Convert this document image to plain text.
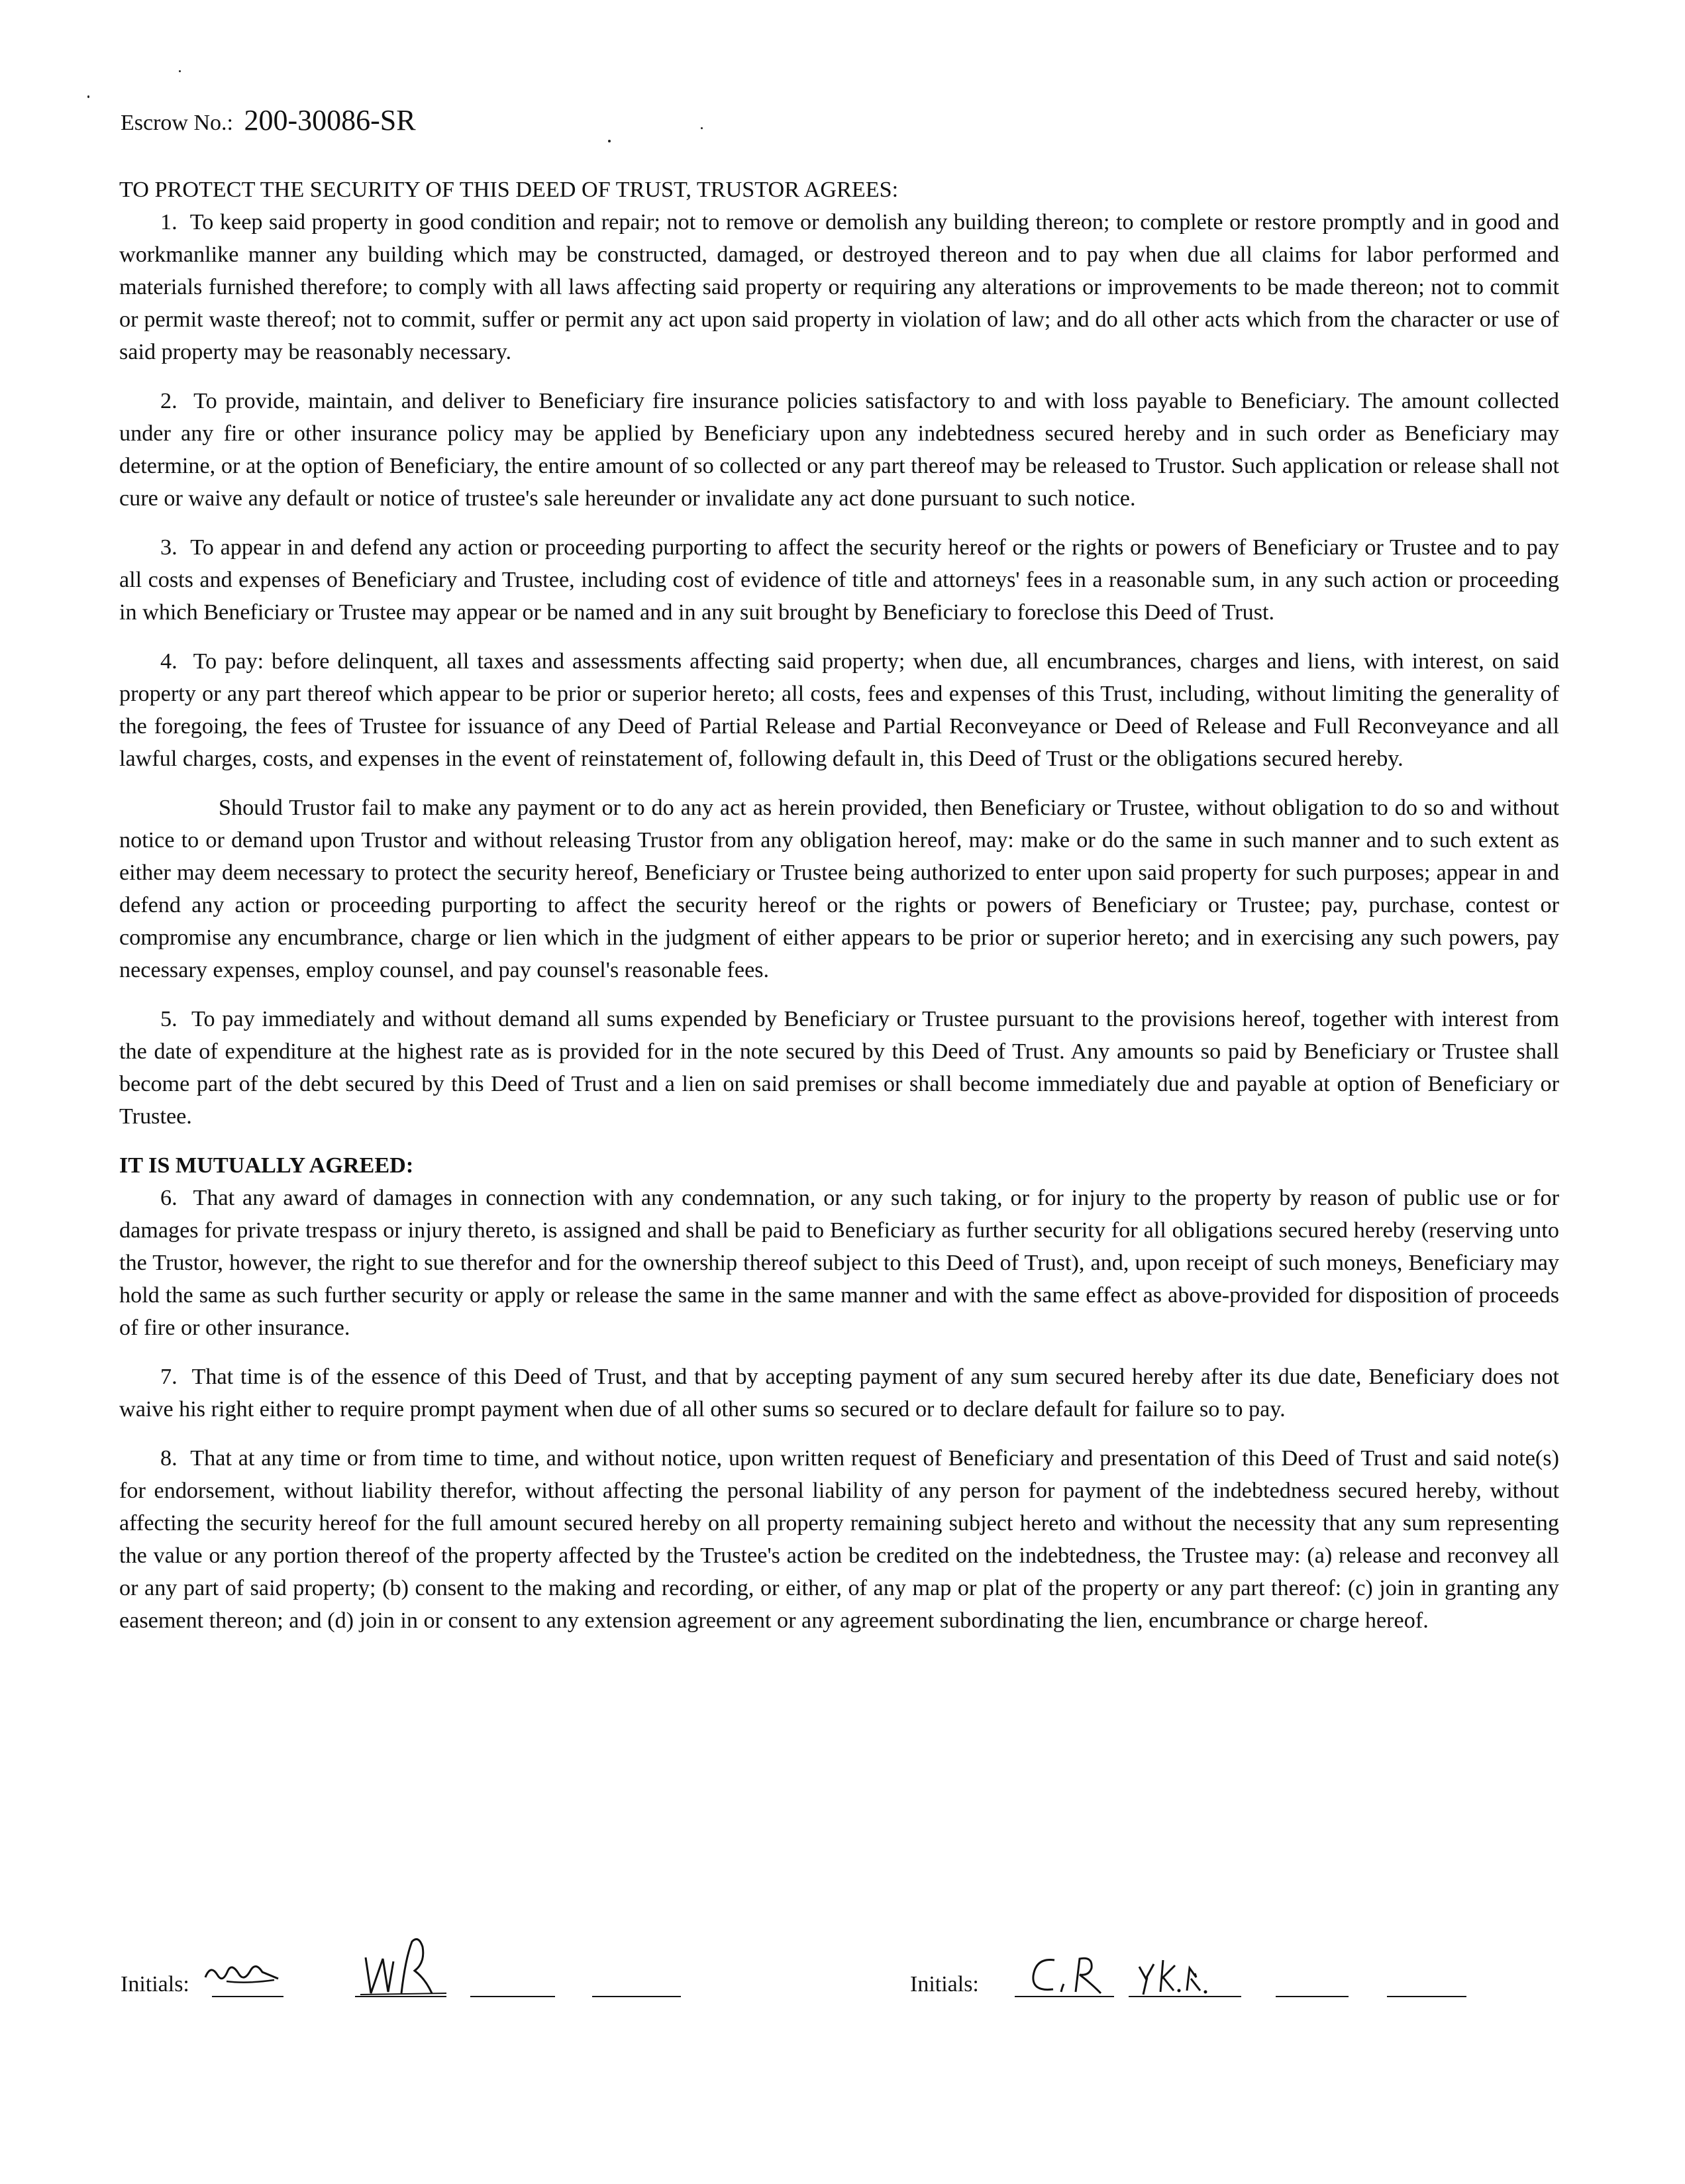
Escrow No.: 200-30086-SR

TO PROTECT THE SECURITY OF THIS DEED OF TRUST, TRUSTOR AGREES:

1.  To keep said property in good condition and repair; not to remove or demolish any building thereon; to complete or restore promptly and in good and workmanlike manner any building which may be constructed, damaged, or destroyed thereon and to pay when due all claims for labor performed and materials furnished therefore; to comply with all laws affecting said property or requiring any alterations or improvements to be made thereon; not to commit or permit waste thereof; not to commit, suffer or permit any act upon said property in violation of law; and do all other acts which from the character or use of said property may be reasonably necessary.

2.  To provide, maintain, and deliver to Beneficiary fire insurance policies satisfactory to and with loss payable to Beneficiary. The amount collected under any fire or other insurance policy may be applied by Beneficiary upon any indebtedness secured hereby and in such order as Beneficiary may determine, or at the option of Beneficiary, the entire amount of so collected or any part thereof may be released to Trustor. Such application or release shall not cure or waive any default or notice of trustee's sale hereunder or invalidate any act done pursuant to such notice.

3.  To appear in and defend any action or proceeding purporting to affect the security hereof or the rights or powers of Beneficiary or Trustee and to pay all costs and expenses of Beneficiary and Trustee, including cost of evidence of title and attorneys' fees in a reasonable sum, in any such action or proceeding in which Beneficiary or Trustee may appear or be named and in any suit brought by Beneficiary to foreclose this Deed of Trust.

4.  To pay: before delinquent, all taxes and assessments affecting said property; when due, all encumbrances, charges and liens, with interest, on said property or any part thereof which appear to be prior or superior hereto; all costs, fees and expenses of this Trust, including, without limiting the generality of the foregoing, the fees of Trustee for issuance of any Deed of Partial Release and Partial Reconveyance or Deed of Release and Full Reconveyance and all lawful charges, costs, and expenses in the event of reinstatement of, following default in, this Deed of Trust or the obligations secured hereby.

Should Trustor fail to make any payment or to do any act as herein provided, then Beneficiary or Trustee, without obligation to do so and without notice to or demand upon Trustor and without releasing Trustor from any obligation hereof, may: make or do the same in such manner and to such extent as either may deem necessary to protect the security hereof, Beneficiary or Trustee being authorized to enter upon said property for such purposes; appear in and defend any action or proceeding purporting to affect the security hereof or the rights or powers of Beneficiary or Trustee; pay, purchase, contest or compromise any encumbrance, charge or lien which in the judgment of either appears to be prior or superior hereto; and in exercising any such powers, pay necessary expenses, employ counsel, and pay counsel's reasonable fees.

5.  To pay immediately and without demand all sums expended by Beneficiary or Trustee pursuant to the provisions hereof, together with interest from the date of expenditure at the highest rate as is provided for in the note secured by this Deed of Trust. Any amounts so paid by Beneficiary or Trustee shall become part of the debt secured by this Deed of Trust and a lien on said premises or shall become immediately due and payable at option of Beneficiary or Trustee.

IT IS MUTUALLY AGREED:

6.  That any award of damages in connection with any condemnation, or any such taking, or for injury to the property by reason of public use or for damages for private trespass or injury thereto, is assigned and shall be paid to Beneficiary as further security for all obligations secured hereby (reserving unto the Trustor, however, the right to sue therefor and for the ownership thereof subject to this Deed of Trust), and, upon receipt of such moneys, Beneficiary may hold the same as such further security or apply or release the same in the same manner and with the same effect as above-provided for disposition of proceeds of fire or other insurance.

7.  That time is of the essence of this Deed of Trust, and that by accepting payment of any sum secured hereby after its due date, Beneficiary does not waive his right either to require prompt payment when due of all other sums so secured or to declare default for failure so to pay.

8.  That at any time or from time to time, and without notice, upon written request of Beneficiary and presentation of this Deed of Trust and said note(s) for endorsement, without liability therefor, without affecting the personal liability of any person for payment of the indebtedness secured hereby, without affecting the security hereof for the full amount secured hereby on all property remaining subject hereto and without the necessity that any sum representing the value or any portion thereof of the property affected by the Trustee's action be credited on the indebtedness, the Trustee may: (a) release and reconvey all or any part of said property; (b) consent to the making and recording, or either, of any map or plat of the property or any part thereof: (c) join in granting any easement thereon; and (d) join in or consent to any extension agreement or any agreement subordinating the lien, encumbrance or charge hereof.

Initials:	Initials:
